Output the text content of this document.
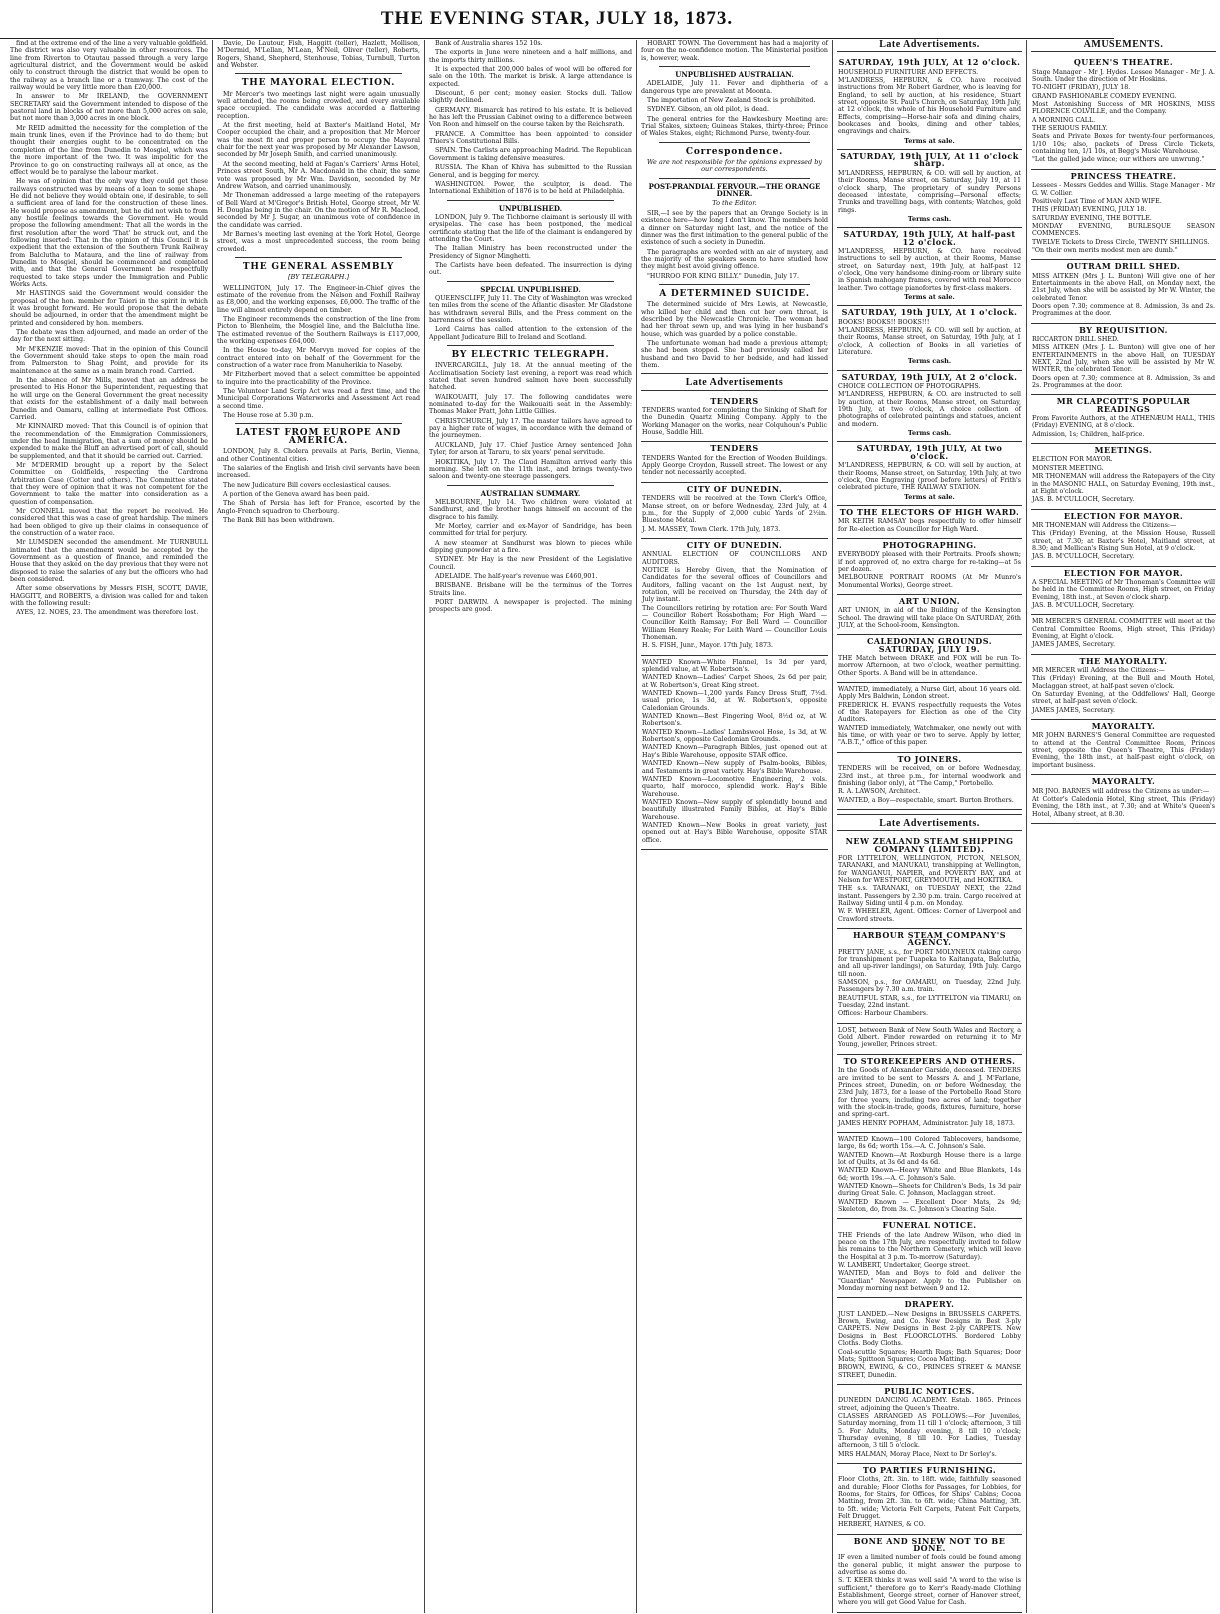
THE EVENING STAR, JULY 18, 1873.

find at the extreme end of the line a very valuable goldfield. The district was also very valuable in other resources. The line from Riverton to Otautau passed through a very large agricultural district, and the Government would be asked only to construct through the district that would be open to the railway as a branch line or a tramway. The cost of the railway would be very little more than £20,000.

In answer to Mr IRELAND, the GOVERNMENT SECRETARY said the Government intended to dispose of the pastoral land in blocks of not more than 5,000 acres on sale, but not more than 3,000 acres in one block.

Mr REID admitted the necessity for the completion of the main trunk lines, even if the Province had to do them; but thought their energies ought to be concentrated on the completion of the line from Dunedin to Mosgiel, which was the more important of the two. It was impolitic for the Province to go on constructing railways all at once, as the effect would be to paralyse the labour market.

He was of opinion that the only way they could get these railways constructed was by means of a loan to some shape. He did not believe they would obtain one, if desirable, to sell a sufficient area of land for the construction of these lines. He would propose as amendment, but he did not wish to from any hostile feelings towards the Government. He would propose the following amendment: That all the words in the first resolution after the word 'That' be struck out, and the following inserted: That in the opinion of this Council it is expedient that the extension of the Southern Trunk Railway from Balclutha to Mataura, and the line of railway from Dunedin to Mosgiel, should be commenced and completed with, and that the General Government be respectfully requested to take steps under the Immigration and Public Works Acts.

Mr HASTINGS said the Government would consider the proposal of the hon. member for Taieri in the spirit in which it was brought forward. He would propose that the debate should be adjourned, in order that the amendment might be printed and considered by hon. members.

The debate was then adjourned, and made an order of the day for the next sitting.

Mr M'KENZIE moved: That in the opinion of this Council the Government should take steps to open the main road from Palmerston to Shag Point, and provide for its maintenance at the same as a main branch road. Carried.

In the absence of Mr Mills, moved that an address be presented to His Honor the Superintendent, requesting that he will urge on the General Government the great necessity that exists for the establishment of a daily mail between Dunedin and Oamaru, calling at intermediate Post Offices. Carried.

Mr KINNAIRD moved: That this Council is of opinion that the recommendation of the Emmigration Commissioners, under the head Immigration, that a sum of money should be expended to make the Bluff an advertised port of call, should be supplemented, and that it should be carried out. Carried.

Mr M'DERMID brought up a report by the Select Committee on Goldfields, respecting the Cardrona Arbitration Case (Cotter and others). The Committee stated that they were of opinion that it was not competent for the Government to take the matter into consideration as a question of compensation.

Mr CONNELL moved that the report be received. He considered that this was a case of great hardship. The miners had been obliged to give up their claims in consequence of the construction of a water race.

Mr LUMSDEN seconded the amendment. Mr TURNBULL intimated that the amendment would be accepted by the Government as a question of finance, and reminded the House that they asked on the day previous that they were not disposed to raise the salaries of any but the officers who had been considered.

After some observations by Messrs FISH, SCOTT, DAVIE, HAGGITT, and ROBERTS, a division was called for and taken with the following result:

AYES, 12. NOES, 23. The amendment was therefore lost.

Davie, De Lautour, Fish, Haggitt (teller), Hazlett, Mollison, M'Dermid, M'Lellan, M'Lean, M'Neil, Oliver (teller), Roberts, Rogers, Shand, Shepherd, Stenhouse, Tobias, Turnbull, Turton and Webster.

THE MAYORAL ELECTION.

Mr Mercer's two meetings last night were again unusually well attended, the rooms being crowded, and every available space occupied. The candidate was accorded a flattering reception.

At the first meeting, held at Baxter's Maitland Hotel, Mr Cooper occupied the chair, and a proposition that Mr Mercer was the most fit and proper person to occupy the Mayoral chair for the next year was proposed by Mr Alexander Lawson, seconded by Mr Joseph Smith, and carried unanimously.

At the second meeting, held at Fagan's Carriers' Arms Hotel, Princes street South, Mr A. Macdonald in the chair, the same vote was proposed by Mr Wm. Davidson, seconded by Mr Andrew Watson, and carried unanimously.

Mr Thoneman addressed a large meeting of the ratepayers of Bell Ward at M'Gregor's British Hotel, George street, Mr W. H. Douglas being in the chair. On the motion of Mr R. Macleod, seconded by Mr J. Sugar, an unanimous vote of confidence in the candidate was carried.

Mr Barnes's meeting last evening at the York Hotel, George street, was a most unprecedented success, the room being crowded.

THE GENERAL ASSEMBLY
[BY TELEGRAPH.]

WELLINGTON, July 17. The Engineer-in-Chief gives the estimate of the revenue from the Nelson and Foxhill Railway as £8,000, and the working expenses, £6,000. The traffic of the line will almost entirely depend on timber.

The Engineer recommends the construction of the line from Picton to Blenheim, the Mosgiel line, and the Balclutha line. The estimated revenue of the Southern Railways is £117,000, the working expenses £64,000.

In the House to-day, Mr Mervyn moved for copies of the contract entered into on behalf of the Government for the construction of a water race from Manuherikia to Naseby.

Mr Fitzherbert moved that a select committee be appointed to inquire into the practicability of the Province.

The Volunteer Land Scrip Act was read a first time, and the Municipal Corporations Waterworks and Assessment Act read a second time.

The House rose at 5.30 p.m.

LATEST FROM EUROPE AND AMERICA.

LONDON, July 8. Cholera prevails at Paris, Berlin, Vienna, and other Continental cities.

The salaries of the English and Irish civil servants have been increased.

The new Judicature Bill covers ecclesiastical causes.

A portion of the Geneva award has been paid.

The Shah of Persia has left for France, escorted by the Anglo-French squadron to Cherbourg.

The Bank Bill has been withdrawn.

Bank of Australia shares 152 10s.

The exports in June were nineteen and a half millions, and the imports thirty millions.

It is expected that 200,000 bales of wool will be offered for sale on the 10th. The market is brisk. A large attendance is expected.

Discount, 6 per cent; money easier. Stocks dull. Tallow slightly declined.

GERMANY. Bismarck has retired to his estate. It is believed he has left the Prussian Cabinet owing to a difference between Von Roon and himself on the course taken by the Reichsrath.

FRANCE. A Committee has been appointed to consider Thiers's Constitutional Bills.

SPAIN. The Carlists are approaching Madrid. The Republican Government is taking defensive measures.

RUSSIA. The Khan of Khiva has submitted to the Russian General, and is begging for mercy.

WASHINGTON. Power, the sculptor, is dead. The International Exhibition of 1876 is to be held at Philadelphia.

UNPUBLISHED.

LONDON, July 9. The Tichborne claimant is seriously ill with erysipelas. The case has been postponed, the medical certificate stating that the life of the claimant is endangered by attending the Court.

The Italian Ministry has been reconstructed under the Presidency of Signor Minghetti.

The Carlists have been defeated. The insurrection is dying out.

SPECIAL UNPUBLISHED.

QUEENSCLIFF, July 11. The City of Washington was wrecked ten miles from the scene of the Atlantic disaster. Mr Gladstone has withdrawn several Bills, and the Press comment on the barrenness of the session.

Lord Cairns has called attention to the extension of the Appellant Judicature Bill to Ireland and Scotland.

BY ELECTRIC TELEGRAPH.

INVERCARGILL, July 18. At the annual meeting of the Acclimatisation Society last evening, a report was read which stated that seven hundred salmon have been successfully hatched.

WAIKOUAITI, July 17. The following candidates were nominated to-day for the Waikouaiti seat in the Assembly: Thomas Maker Pratt, John Little Gillies.

CHRISTCHURCH, July 17. The master tailors have agreed to pay a higher rate of wages, in accordance with the demand of the journeymen.

AUCKLAND, July 17. Chief Justice Arney sentenced John Tyler, for arson at Tararu, to six years' penal servitude.

HOKITIKA, July 17. The Claud Hamilton arrived early this morning. She left on the 11th inst., and brings twenty-two saloon and twenty-one steerage passengers.

AUSTRALIAN SUMMARY.

MELBOURNE, July 14. Two children were violated at Sandhurst, and the brother hangs himself on account of the disgrace to his family.

Mr Morley, carrier and ex-Mayor of Sandridge, has been committed for trial for perjury.

A new steamer at Sandhurst was blown to pieces while dipping gunpowder at a fire.

SYDNEY. Mr Hay is the new President of the Legislative Council.

ADELAIDE. The half-year's revenue was £460,901.

BRISBANE. Brisbane will be the terminus of the Torres Straits line.

PORT DARWIN. A newspaper is projected. The mining prospects are good.

HOBART TOWN. The Government has had a majority of four on the no-confidence motion. The Ministerial position is, however, weak.

UNPUBLISHED AUSTRALIAN.

ADELAIDE, July 11. Fever and diphtheria of a dangerous type are prevalent at Moonta.

The importation of New Zealand Stock is prohibited.

SYDNEY. Gibson, an old pilot, is dead.

The general entries for the Hawkesbury Meeting are: Trial Stakes, sixteen; Guineas Stakes, thirty-three; Prince of Wales Stakes, eight; Richmond Purse, twenty-four.

Correspondence.
We are not responsible for the opinions expressed by our correspondents.
POST-PRANDIAL FERVOUR.—THE ORANGE DINNER.
To the Editor.

SIR,—I see by the papers that an Orange Society is in existence here—how long I don't know. The members hold a dinner on Saturday night last, and the notice of the dinner was the first intimation to the general public of the existence of such a society in Dunedin.

The paragraphs are worded with an air of mystery, and the majority of the speakers seem to have studied how they might best avoid giving offence.

"HURROO FOR KING BILLY." Dunedin, July 17.

A DETERMINED SUICIDE.

The determined suicide of Mrs Lewis, at Newcastle, who killed her child and then cut her own throat, is described by the Newcastle Chronicle. The woman had had her throat sewn up, and was lying in her husband's house, which was guarded by a police constable.

The unfortunate woman had made a previous attempt; she had been stopped. She had previously called her husband and two David to her bedside, and had kissed them.

Late Advertisements
TENDERS
TENDERS wanted for completing the Sinking of Shaft for the Dunedin Quartz Mining Company. Apply to the Working Manager on the works, near Colquhoun's Public House, Saddle Hill.
TENDERS
TENDERS Wanted for the Erection of Wooden Buildings. Apply George Croydon, Russell street. The lowest or any tender not necessarily accepted.
CITY OF DUNEDIN.
TENDERS will be received at the Town Clerk's Office, Manse street, on or before Wednesday, 23rd July, at 4 p.m., for the Supply of 2,000 cubic Yards of 2½in. Bluestone Metal.
J. M. MASSEY, Town Clerk. 17th July, 1873.
CITY OF DUNEDIN.
ANNUAL ELECTION OF COUNCILLORS AND AUDITORS.
NOTICE is Hereby Given, that the Nomination of Candidates for the several offices of Councillors and Auditors, falling vacant on the 1st August next, by rotation, will be received on Thursday, the 24th day of July instant.
The Councillors retiring by rotation are: For South Ward — Councillor Robert Rossbotham; For High Ward — Councillor Keith Ramsay; For Bell Ward — Councillor William Henry Reale; For Leith Ward — Councillor Louis Thoneman.
H. S. FISH, Junr., Mayor. 17th July, 1873.
WANTED Known—White Flannel, 1s 3d per yard, splendid value, at W. Robertson's.
WANTED Known—Ladies' Carpet Shoes, 2s 6d per pair, at W. Robertson's, Great King street.
WANTED Known—1,200 yards Fancy Dress Stuff, 7½d. usual price, 1s 3d, at W. Robertson's, opposite Caledonian Grounds.
WANTED Known—Best Fingering Wool, 8½d oz, at W. Robertson's.
WANTED Known—Ladies' Lambswool Hose, 1s 3d, at W. Robertson's, opposite Caledonian Grounds.
WANTED Known—Paragraph Bibles, just opened out at Hay's Bible Warehouse, opposite STAR office.
WANTED Known—New supply of Psalm-books, Bibles, and Testaments in great variety. Hay's Bible Warehouse.
WANTED Known—Locomotive Engineering, 2 vols. quarto, half morocco, splendid work. Hay's Bible Warehouse.
WANTED Known—New supply of splendidly bound and beautifully illustrated Family Bibles, at Hay's Bible Warehouse.
WANTED Known—New Books in great variety, just opened out at Hay's Bible Warehouse, opposite STAR office.
Late Advertisements.
SATURDAY, 19th JULY, At 12 o'clock.
HOUSEHOLD FURNITURE AND EFFECTS.
M'LANDRESS, HEPBURN, & CO. have received instructions from Mr Robert Gardner, who is leaving for England, to sell by auction, at his residence, Stuart street, opposite St. Paul's Church, on Saturday, 19th July, at 12 o'clock, the whole of his Household Furniture and Effects, comprising—Horse-hair sofa and dining chairs, bookcases and books, dining and other tables, engravings and chairs.
Terms at sale.
SATURDAY, 19th JULY, At 11 o'clock sharp.
M'LANDRESS, HEPBURN, & CO. will sell by auction, at their Rooms, Manse street, on Saturday, July 19, at 11 o'clock sharp, The proprietary of sundry Persons deceased intestate, comprising—Personal effects; Trunks and travelling bags, with contents; Watches, gold rings.
Terms cash.
SATURDAY, 19th JULY, At half-past 12 o'clock.
M'LANDRESS, HEPBURN, & CO. have received instructions to sell by auction, at their Rooms, Manse street, on Saturday next, 19th July, at half-past 12 o'clock, One very handsome dining-room or library suite in Spanish mahogany frames, covered with real Morocco leather. Two cottage pianofortes by first-class makers.
Terms at sale.
SATURDAY, 19th JULY, At 1 o'clock.
BOOKS! BOOKS!! BOOKS!!!
M'LANDRESS, HEPBURN, & CO. will sell by auction, at their Rooms, Manse street, on Saturday, 19th July, at 1 o'clock, A collection of Books in all varieties of Literature.
Terms cash.
SATURDAY, 19th JULY, At 2 o'clock.
CHOICE COLLECTION OF PHOTOGRAPHS.
M'LANDRESS, HEPBURN, & CO. are instructed to sell by auction, at their Rooms, Manse street, on Saturday, 19th July, at two o'clock, A choice collection of photographs of celebrated paintings and statues, ancient and modern.
Terms cash.
SATURDAY, 19th JULY, At two o'clock.
M'LANDRESS, HEPBURN, & CO. will sell by auction, at their Rooms, Manse street, on Saturday, 19th July, at two o'clock, One Engraving (proof before letters) of Frith's celebrated picture, THE RAILWAY STATION.
Terms at sale.
TO THE ELECTORS OF HIGH WARD.
MR KEITH RAMSAY begs respectfully to offer himself for Re-election as Councillor for High Ward.
PHOTOGRAPHING.
EVERYBODY pleased with their Portraits. Proofs shown; if not approved of, no extra charge for re-taking—at 5s per dozen.
MELBOURNE PORTRAIT ROOMS (At Mr Munro's Monumental Works), George street.
ART UNION.
ART UNION, in aid of the Building of the Kensington School. The drawing will take place On SATURDAY, 26th JULY, at the School-room, Kensington.
CALEDONIAN GROUNDS. SATURDAY, JULY 19.
THE Match between DRAKE and FOX will be run To-morrow Afternoon, at two o'clock, weather permitting. Other Sports. A Band will be in attendance.
WANTED, immediately, a Nurse Girl, about 16 years old. Apply Mrs Baldwin, London street.
FREDERICK H. EVANS respectfully requests the Votes of the Ratepayers for Election as one of the City Auditors.
WANTED immediately, Watchmaker, one newly out with his time, or with year or two to serve. Apply by letter, "A.B.T.," office of this paper.
TO JOINERS.
TENDERS will be received, on or before Wednesday, 23rd inst., at three p.m., for internal woodwork and finishing (labor only), at "The Camp," Portobello.
R. A. LAWSON, Architect.
WANTED, a Boy—respectable, smart. Burton Brothers.
Late Advertisements.
NEW ZEALAND STEAM SHIPPING COMPANY (LIMITED).
FOR LYTTELTON, WELLINGTON, PICTON, NELSON, TARANAKI, and MANUKAU, transhipping at Wellington, for WANGANUI, NAPIER, and POVERTY BAY, and at Nelson for WESTPORT, GREYMOUTH, and HOKITIKA.
THE s.s. TARANAKI, on TUESDAY NEXT, the 22nd instant. Passengers by 2.30 p.m. train. Cargo received at Railway Siding until 4 p.m. on Monday.
W. F. WHEELER, Agent. Offices: Corner of Liverpool and Crawford streets.
HARBOUR STEAM COMPANY'S AGENCY.
PRETTY JANE, s.s., for PORT MOLYNEUX (taking cargo for transhipment per Tuapeka to Kaitangata, Balclutha, and all up-river landings), on Saturday, 19th July. Cargo till noon.
SAMSON, p.s., for OAMARU, on Tuesday, 22nd July. Passengers by 7.30 a.m. train.
BEAUTIFUL STAR, s.s., for LYTTELTON via TIMARU, on Tuesday, 22nd instant.
Offices: Harbour Chambers.
LOST, between Bank of New South Wales and Rectory, a Gold Albert. Finder rewarded on returning it to Mr Young, jeweller, Princes street.
TO STOREKEEPERS AND OTHERS.
In the Goods of Alexander Garside, deceased. TENDERS are invited to be sent to Messrs A. and J. M'Farlane, Princes street, Dunedin, on or before Wednesday, the 23rd July, 1873, for a lease of the Portobello Road Store for three years, including two acres of land; together with the stock-in-trade, goods, fixtures, furniture, horse and spring-cart.
JAMES HENRY POPHAM, Administrator. July 18, 1873.
WANTED Known—100 Colored Tablecovers, handsome, large, 8s 6d; worth 15s.—A. C. Johnson's Sale.
WANTED Known—At Roxburgh House there is a large lot of Quilts, at 3s 6d and 4s 6d.
WANTED Known—Heavy White and Blue Blankets, 14s 6d; worth 19s.—A. C. Johnson's Sale.
WANTED Known—Sheets for Children's Beds, 1s 3d pair during Great Sale. C. Johnson, Maclaggan street.
WANTED Known — Excellent Door Mats, 2s 9d; Skeleton, do, from 3s. C. Johnson's Clearing Sale.
FUNERAL NOTICE.
THE Friends of the late Andrew Wilson, who died in peace on the 17th July, are respectfully invited to follow his remains to the Northern Cemetery, which will leave the Hospital at 3 p.m. To-morrow (Saturday).
W. LAMBERT, Undertaker, George street.
WANTED, Man and Boys to fold and deliver the "Guardian" Newspaper. Apply to the Publisher on Monday morning next between 9 and 12.
DRAPERY.
JUST LANDED.—New Designs in BRUSSELS CARPETS. Brown, Ewing, and Co. New Designs in Best 3-ply CARPETS. New Designs in Best 2-ply CARPETS. New Designs in Best FLOORCLOTHS. Bordered Lobby Cloths. Body Cloths.
Coal-scuttle Squares; Hearth Rugs; Bath Squares; Door Mats; Spittoon Squares; Cocoa Matting.
BROWN, EWING, & CO., PRINCES STREET & MANSE STREET, Dunedin.
PUBLIC NOTICES.
DUNEDIN DANCING ACADEMY. Estab. 1865. Princes street, adjoining the Queen's Theatre.
CLASSES ARRANGED AS FOLLOWS:—For Juveniles, Saturday morning, from 11 till 1 o'clock; afternoon, 3 till 5. For Adults, Monday evening, 8 till 10 o'clock; Thursday evening, 8 till 10. For Ladies, Tuesday afternoon, 3 till 5 o'clock.
MRS HALMAN, Moray Place, Next to Dr Sorley's.
TO PARTIES FURNISHING.
Floor Cloths, 2ft. 3in. to 18ft. wide, faithfully seasoned and durable; Floor Cloths for Passages, for Lobbies, for Rooms, for Stairs, for Offices, for Ships' Cabins; Cocoa Matting, from 2ft. 3in. to 6ft. wide; China Matting, 3ft. to 5ft. wide; Victoria Felt Carpets, Patent Felt Carpets, Felt Drugget.
HERBERT, HAYNES, & CO.
BONE AND SINEW NOT TO BE DONE.
IF even a limited number of fools could be found among the general public, it might answer the purpose to advertise as some do.
S. T. KEER thinks it was well said "A word to the wise is sufficient," therefore go to Kerr's Ready-made Clothing Establishment, George street, corner of Hanover street, where you will get Good Value for Cash.
AMUSEMENTS.
QUEEN'S THEATRE.
Stage Manager - Mr J. Hydes. Lessee Manager - Mr J. A. South. Under the direction of Mr Hoskins.
TO-NIGHT (FRIDAY), JULY 18.
GRAND FASHIONABLE COMEDY EVENING.
Most Astonishing Success of MR HOSKINS, MISS FLORENCE COLVILLE, and the Company.
A MORNING CALL.
THE SERIOUS FAMILY.
Seats and Private Boxes for twenty-four performances, 1/10 10s; also, packets of Dress Circle Tickets, containing ten, 1/1 10s, at Begg's Music Warehouse.
"Let the galled jade wince; our withers are unwrung."
PRINCESS THEATRE.
Lessees - Messrs Geddes and Willis. Stage Manager - Mr G. W. Collier.
Positively Last Time of MAN AND WIFE.
THIS (FRIDAY) EVENING, JULY 18.
SATURDAY EVENING, THE BOTTLE.
MONDAY EVENING, BURLESQUE SEASON COMMENCES.
TWELVE Tickets to Dress Circle, TWENTY SHILLINGS.
"On their own merits modest men are dumb."
OUTRAM DRILL SHED.
MISS AITKEN (Mrs J. L. Bunton) Will give one of her Entertainments in the above Hall, on Monday next, the 21st July, when she will be assisted by Mr W. Winter, the celebrated Tenor.
Doors open 7.30; commence at 8. Admission, 3s and 2s. Programmes at the door.
BY REQUISITION.
RICCARTON DRILL SHED.
MISS AITKEN (Mrs J. L. Bunton) will give one of her ENTERTAINMENTS in the above Hall, on TUESDAY NEXT, 22nd July, when she will be assisted by Mr W. WINTER, the celebrated Tenor.
Doors open at 7.30; commence at 8. Admission, 3s and 2s. Programmes at the door.
MR CLAPCOTT'S POPULAR READINGS
From Favorite Authors, at the ATHENÆUM HALL, THIS (Friday) EVENING, at 8 o'clock.
Admission, 1s; Children, half-price.
MEETINGS.
ELECTION FOR MAYOR.
MONSTER MEETING.
MR THONEMAN will address the Ratepayers of the City in the MASONIC HALL, on Saturday Evening, 19th inst., at Eight o'clock.
JAS. B. M'CULLOCH, Secretary.
ELECTION FOR MAYOR.
MR THONEMAN will Address the Citizens:—
This (Friday) Evening, at the Mission House, Russell street, at 7.30; at Baxter's Hotel, Maitland street, at 8.30; and Mellican's Rising Sun Hotel, at 9 o'clock.
JAS. B. M'CULLOCH, Secretary.
ELECTION FOR MAYOR.
A SPECIAL MEETING of Mr Thoneman's Committee will be held in the Committee Rooms, High street, on Friday Evening, 18th inst., at Seven o'clock sharp.
JAS. B. M'CULLOCH, Secretary.
MR MERCER'S GENERAL COMMITTEE will meet at the Central Committee Rooms, High street, This (Friday) Evening, at Eight o'clock.
JAMES JAMES, Secretary.
THE MAYORALTY.
MR MERCER will Address the Citizens:—
This (Friday) Evening, at the Bull and Mouth Hotel, Maclaggan street, at half-past seven o'clock.
On Saturday Evening, at the Oddfellows' Hall, George street, at half-past seven o'clock.
JAMES JAMES, Secretary.
MAYORALTY.
MR JOHN BARNES'S General Committee are requested to attend at the Central Committee Room, Princes street, opposite the Queen's Theatre, This (Friday) Evening, the 18th inst., at half-past eight o'clock, on important business.
MAYORALTY.
MR JNO. BARNES will address the Citizens as under:—
At Cotter's Caledonia Hotel, King street, This (Friday) Evening, the 18th inst., at 7.30; and at White's Queen's Hotel, Albany street, at 8.30.
